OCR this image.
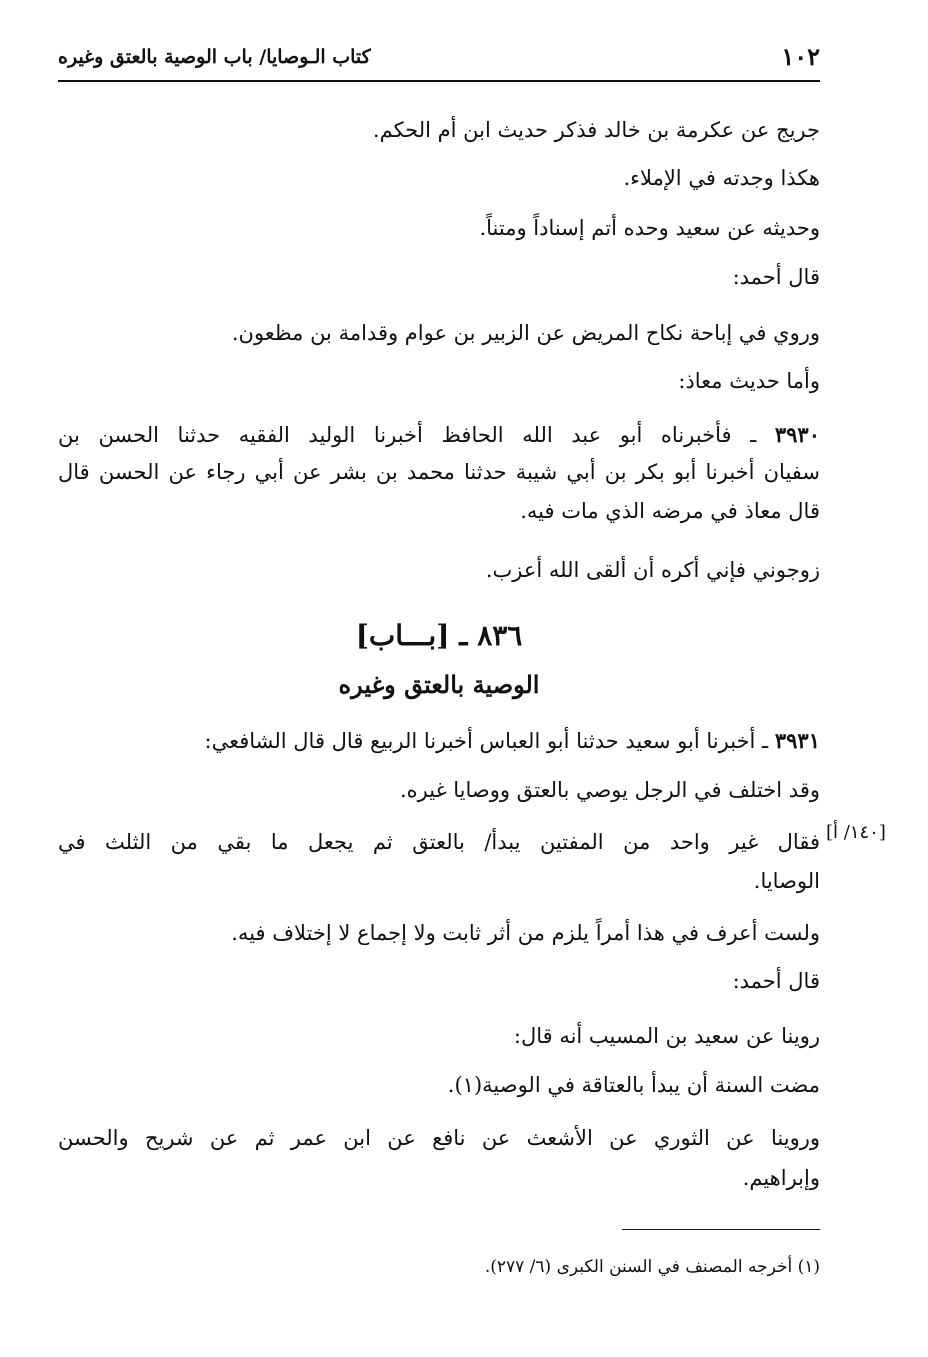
١٠٢
كتاب الـوصايا/ باب الوصية بالعتق وغيره
جريج عن عكرمة بن خالد فذكر حديث ابن أم الحكم.
هكذا وجدته في الإملاء.
وحديثه عن سعيد وحده أتم إسناداً ومتناً.
قال أحمد:
وروي في إباحة نكاح المريض عن الزبير بن عوام وقدامة بن مظعون.
وأما حديث معاذ:
٣٩٣٠ ـ فأخبرناه أبو عبد الله الحافظ أخبرنا الوليد الفقيه حدثنا الحسن بن
سفيان أخبرنا أبو بكر بن أبي شيبة حدثنا محمد بن بشر عن أبي رجاء عن الحسن قال
قال معاذ في مرضه الذي مات فيه.
زوجوني فإني أكره أن ألقى الله أعزب.
٨٣٦ ـ [بـــاب]
الوصية بالعتق وغيره
٣٩٣١ ـ أخبرنا أبو سعيد حدثنا أبو العباس أخبرنا الربيع قال قال الشافعي:
وقد اختلف في الرجل يوصي بالعتق ووصايا غيره.
فقال غير واحد من المفتين يبدأ/ بالعتق ثم يجعل ما بقي من الثلث في
الوصايا.
[١٤٠/ أ]
ولست أعرف في هذا أمراً يلزم من أثر ثابت ولا إجماع لا إختلاف فيه.
قال أحمد:
روينا عن سعيد بن المسيب أنه قال:
مضت السنة أن يبدأ بالعتاقة في الوصية(١).
وروينا عن الثوري عن الأشعث عن نافع عن ابن عمر ثم عن شريح والحسن
وإبراهيم.
(١) أخرجه المصنف في السنن الكبرى (٦/ ٢٧٧).
